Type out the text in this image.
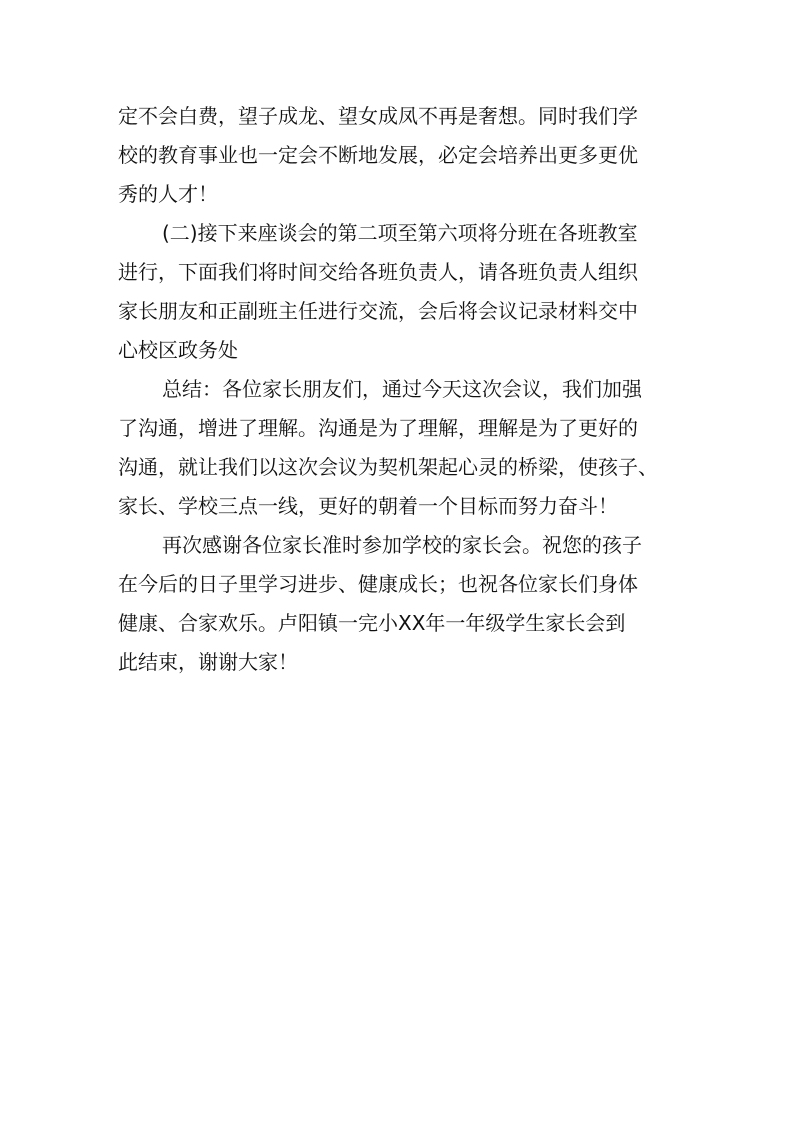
定不会白费，望子成龙、望女成凤不再是奢想。同时我们学
校的教育事业也一定会不断地发展，必定会培养出更多更优
秀的人才！

(二)接下来座谈会的第二项至第六项将分班在各班教室
进行，下面我们将时间交给各班负责人，请各班负责人组织
家长朋友和正副班主任进行交流，会后将会议记录材料交中
心校区政务处

总结：各位家长朋友们，通过今天这次会议，我们加强
了沟通，增进了理解。沟通是为了理解，理解是为了更好的
沟通，就让我们以这次会议为契机架起心灵的桥梁，使孩子、
家长、学校三点一线，更好的朝着一个目标而努力奋斗！

再次感谢各位家长准时参加学校的家长会。祝您的孩子
在今后的日子里学习进步、健康成长；也祝各位家长们身体
健康、合家欢乐。卢阳镇一完小XX年一年级学生家长会到
此结束，谢谢大家！
